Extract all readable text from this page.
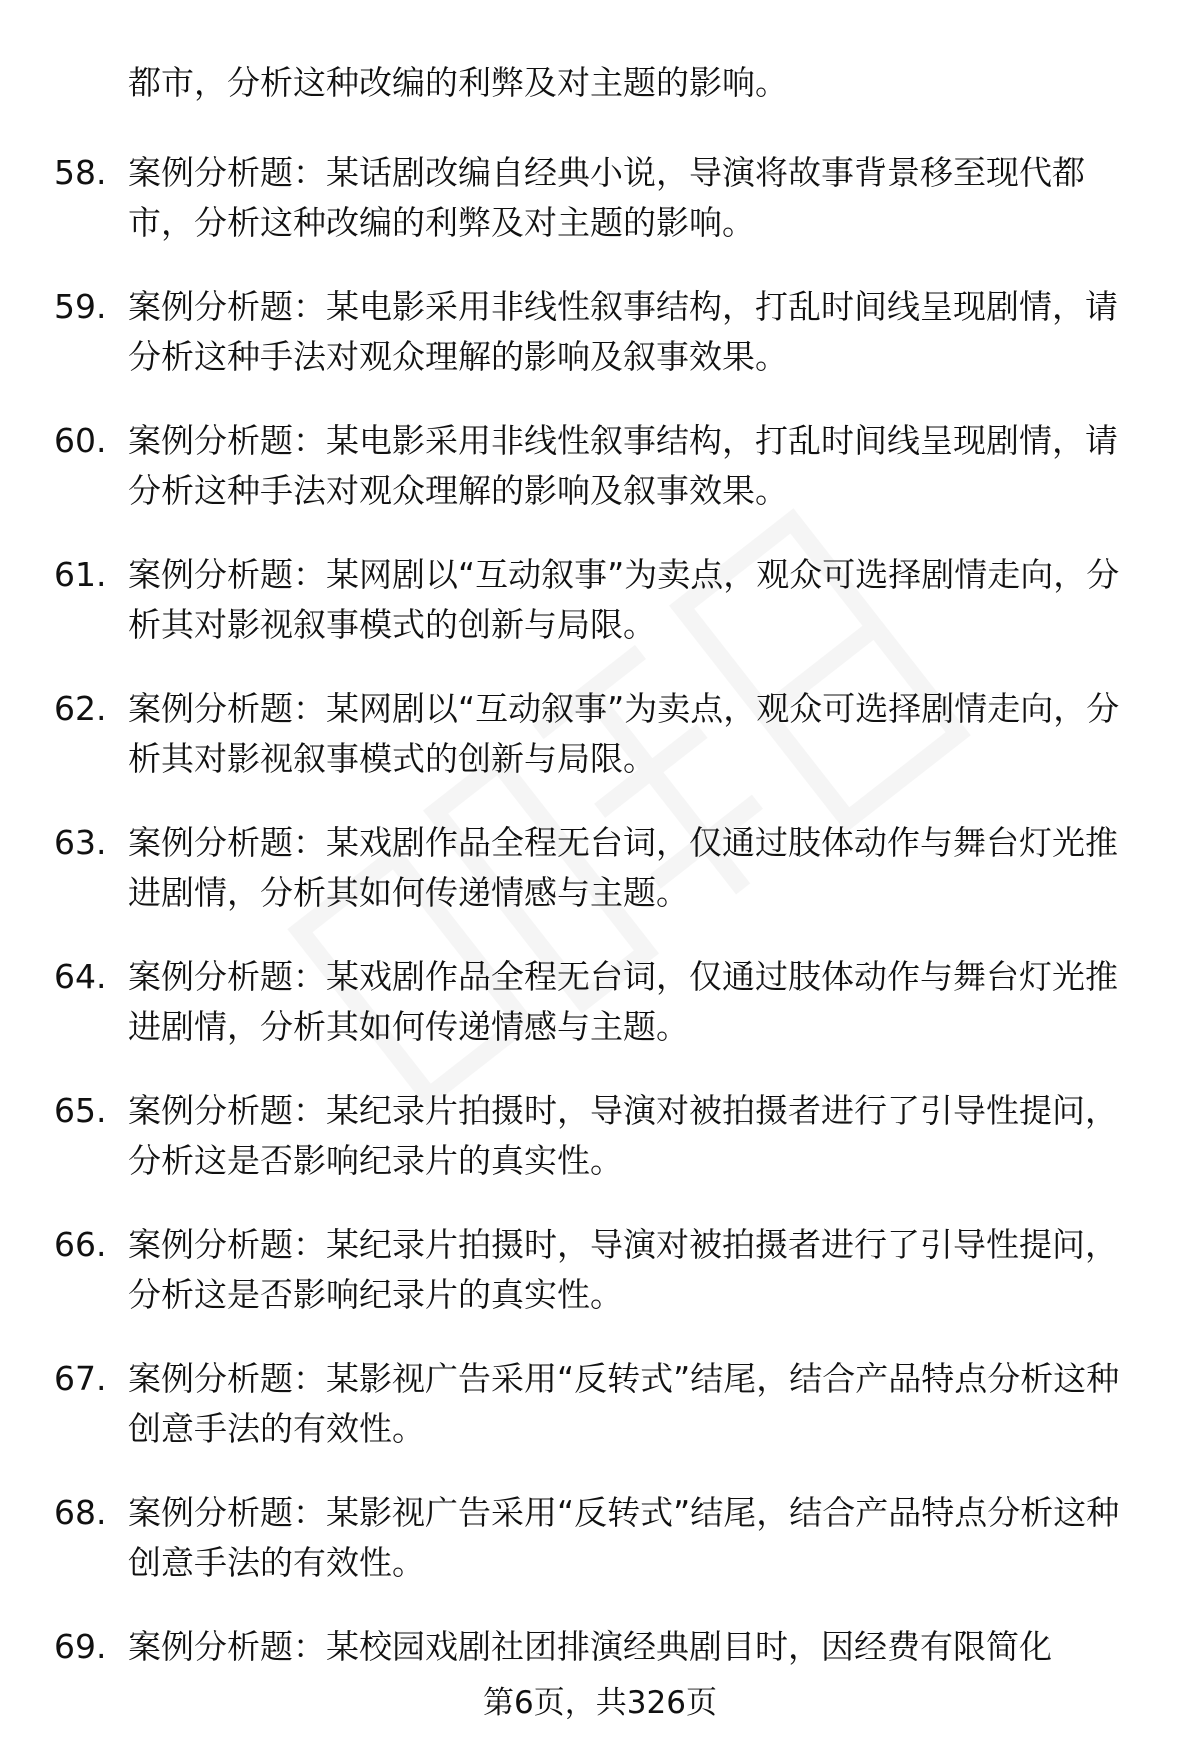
都市，分析这种改编的利弊及对主题的影响。
58. 案例分析题：某话剧改编自经典小说，导演将故事背景移至现代都市，分析这种改编的利弊及对主题的影响。
59. 案例分析题：某电影采用非线性叙事结构，打乱时间线呈现剧情，请分析这种手法对观众理解的影响及叙事效果。
60. 案例分析题：某电影采用非线性叙事结构，打乱时间线呈现剧情，请分析这种手法对观众理解的影响及叙事效果。
61. 案例分析题：某网剧以“互动叙事”为卖点，观众可选择剧情走向，分析其对影视叙事模式的创新与局限。
62. 案例分析题：某网剧以“互动叙事”为卖点，观众可选择剧情走向，分析其对影视叙事模式的创新与局限。
63. 案例分析题：某戏剧作品全程无台词，仅通过肢体动作与舞台灯光推进剧情，分析其如何传递情感与主题。
64. 案例分析题：某戏剧作品全程无台词，仅通过肢体动作与舞台灯光推进剧情，分析其如何传递情感与主题。
65. 案例分析题：某纪录片拍摄时，导演对被拍摄者进行了引导性提问，分析这是否影响纪录片的真实性。
66. 案例分析题：某纪录片拍摄时，导演对被拍摄者进行了引导性提问，分析这是否影响纪录片的真实性。
67. 案例分析题：某影视广告采用“反转式”结尾，结合产品特点分析这种创意手法的有效性。
68. 案例分析题：某影视广告采用“反转式”结尾，结合产品特点分析这种创意手法的有效性。
69. 案例分析题：某校园戏剧社团排演经典剧目时，因经费有限简化
第6页，共326页
